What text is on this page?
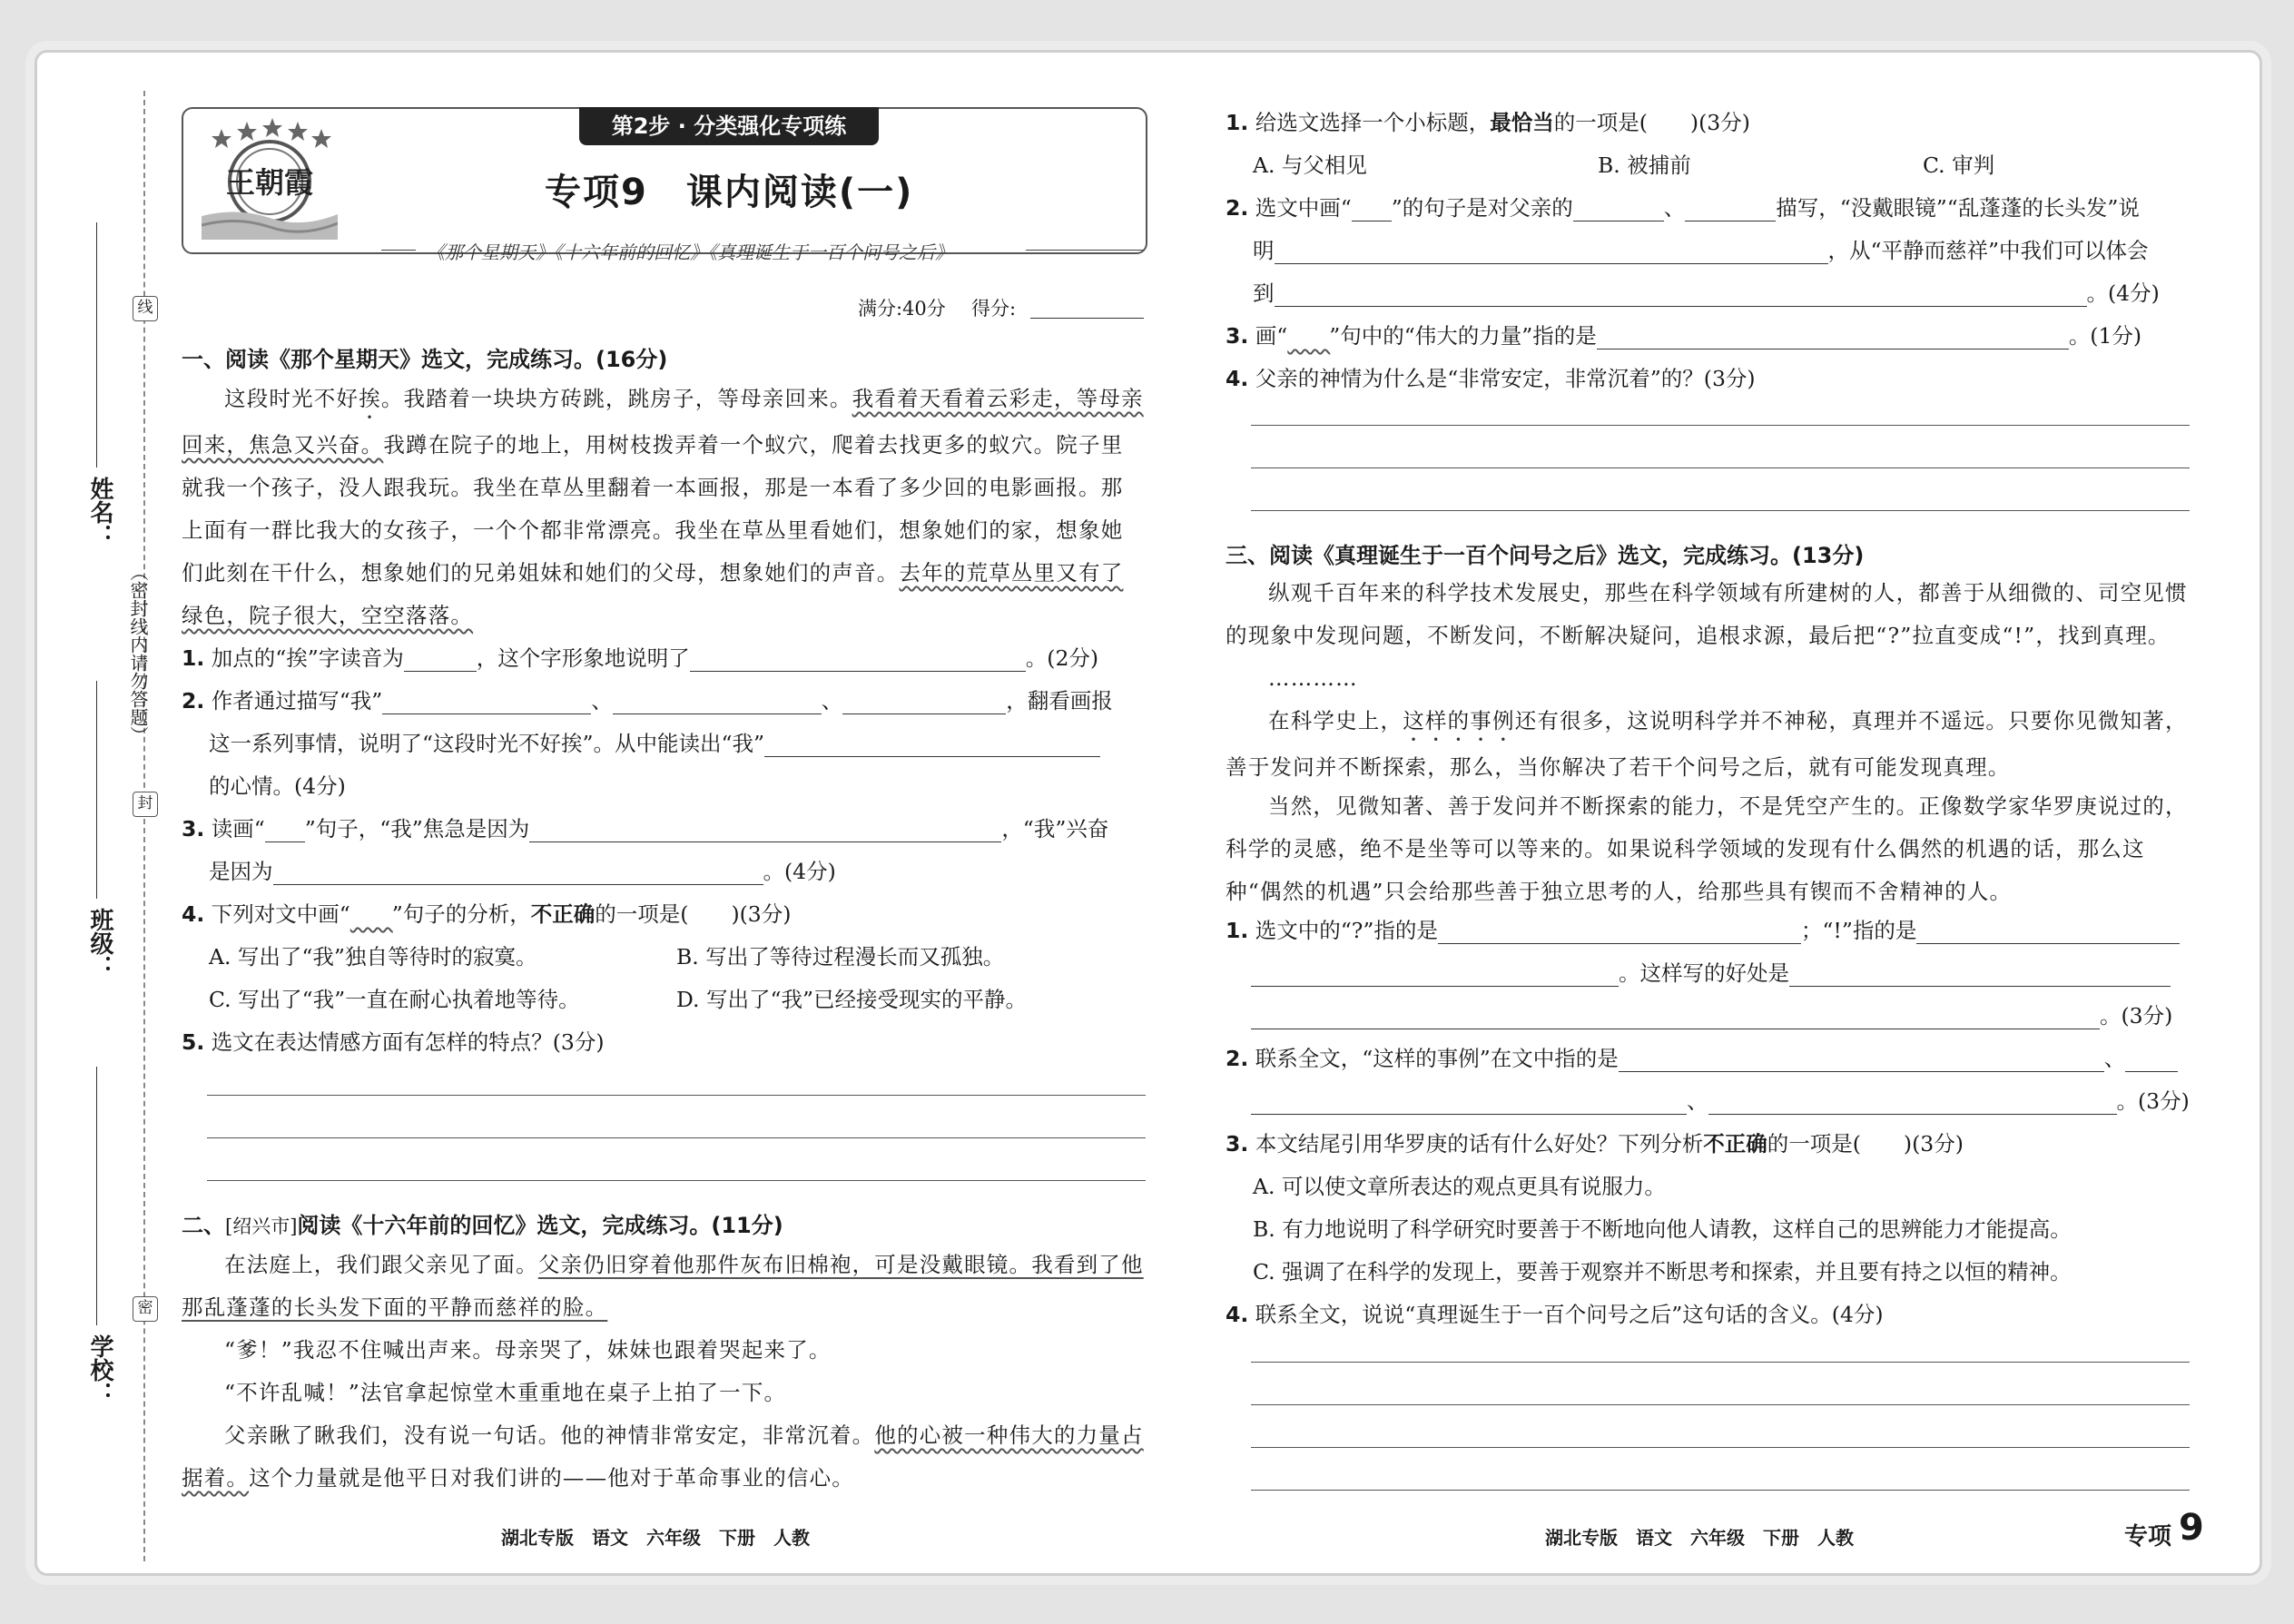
线
封
密
（密封线内请勿答题）
姓名：
班级：
学校：
王朝霞
第2步 · 分类强化专项练
专项9　课内阅读(一)
《那个星期天》《十六年前的回忆》《真理诞生于一百个问号之后》
满分:40分 得分:
一、阅读《那个星期天》选文，完成练习。(16分)
这段时光不好挨。我踏着一块块方砖跳，跳房子，等母亲回来。我看着天看着云彩走，等母亲回来，焦急又兴奋。我蹲在院子的地上，用树枝拨弄着一个蚁穴，爬着去找更多的蚁穴。院子里就我一个孩子，没人跟我玩。我坐在草丛里翻着一本画报，那是一本看了多少回的电影画报。那上面有一群比我大的女孩子，一个个都非常漂亮。我坐在草丛里看她们，想象她们的家，想象她们此刻在干什么，想象她们的兄弟姐妹和她们的父母，想象她们的声音。去年的荒草丛里又有了绿色，院子很大，空空落落。
1. 加点的“挨”字读音为	，这个字形象地说明了	。(2分)
2. 作者通过描写“我”	、	、	，翻看画报
这一系列事情，说明了“这段时光不好挨”。从中能读出“我”
的心情。(4分)
3. 读画“ ”句子，“我”焦急是因为	，“我”兴奋
是因为	。(4分)
4. 下列对文中画“​　　”句子的分析，不正确的一项是(　　)(3分)
A. 写出了“我”独自等待时的寂寞。	B. 写出了等待过程漫长而又孤独。
C. 写出了“我”一直在耐心执着地等待。	D. 写出了“我”已经接受现实的平静。
5. 选文在表达情感方面有怎样的特点？(3分)
二、[绍兴市]阅读《十六年前的回忆》选文，完成练习。(11分)
在法庭上，我们跟父亲见了面。父亲仍旧穿着他那件灰布旧棉袍，可是没戴眼镜。我看到了他那乱蓬蓬的长头发下面的平静而慈祥的脸。
“爹！”我忍不住喊出声来。母亲哭了，妹妹也跟着哭起来了。
“不许乱喊！”法官拿起惊堂木重重地在桌子上拍了一下。
父亲瞅了瞅我们，没有说一句话。他的神情非常安定，非常沉着。他的心被一种伟大的力量占据着。这个力量就是他平日对我们讲的——他对于革命事业的信心。
湖北专版　语文　六年级　下册　人教
1. 给选文选择一个小标题，最恰当的一项是(　　)(3分)
A. 与父相见	B. 被捕前	C. 审判
2. 选文中画“ ”的句子是对父亲的	、	描写，“没戴眼镜”“乱蓬蓬的长头发”说
明	，从“平静而慈祥”中我们可以体会
到	。(4分)
3. 画“​　　”句中的“伟大的力量”指的是	。(1分)
4. 父亲的神情为什么是“非常安定，非常沉着”的？(3分)
三、阅读《真理诞生于一百个问号之后》选文，完成练习。(13分)
纵观千百年来的科学技术发展史，那些在科学领域有所建树的人，都善于从细微的、司空见惯的现象中发现问题，不断发问，不断解决疑问，追根求源，最后把“?”拉直变成“!”，找到真理。
…………
在科学史上，这样的事例还有很多，这说明科学并不神秘，真理并不遥远。只要你见微知著，善于发问并不断探索，那么，当你解决了若干个问号之后，就有可能发现真理。
当然，见微知著、善于发问并不断探索的能力，不是凭空产生的。正像数学家华罗庚说过的，科学的灵感，绝不是坐等可以等来的。如果说科学领域的发现有什么偶然的机遇的话，那么这种“偶然的机遇”只会给那些善于独立思考的人，给那些具有锲而不舍精神的人。
1. 选文中的“?”指的是	；“!”指的是
。这样写的好处是
。(3分)
2. 联系全文，“这样的事例”在文中指的是	、
、	。(3分)
3. 本文结尾引用华罗庚的话有什么好处？下列分析不正确的一项是(　　)(3分)
A. 可以使文章所表达的观点更具有说服力。
B. 有力地说明了科学研究时要善于不断地向他人请教，这样自己的思辨能力才能提高。
C. 强调了在科学的发现上，要善于观察并不断思考和探索，并且要有持之以恒的精神。
4. 联系全文，说说“真理诞生于一百个问号之后”这句话的含义。(4分)
湖北专版　语文　六年级　下册　人教	专项 9
